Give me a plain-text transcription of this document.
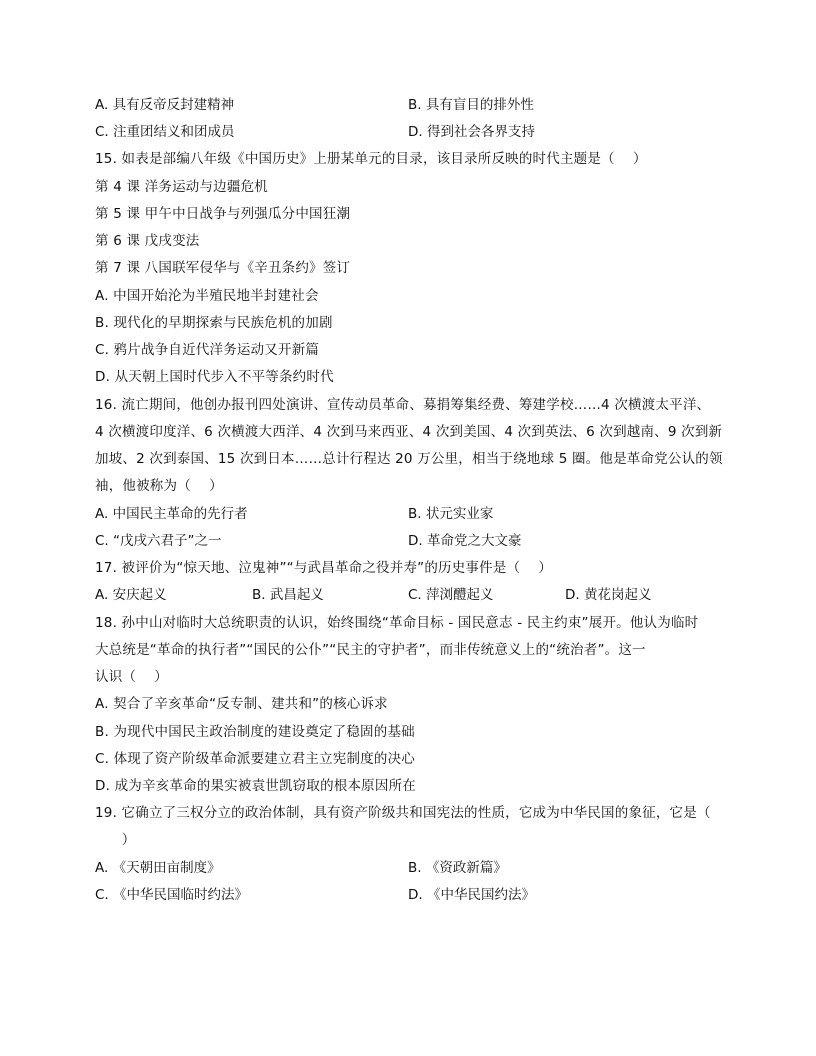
A. 具有反帝反封建精神	B. 具有盲目的排外性
C. 注重团结义和团成员	D. 得到社会各界支持
15. 如表是部编八年级《中国历史》上册某单元的目录，该目录所反映的时代主题是（　 ）
第 4 课 洋务运动与边疆危机
第 5 课 甲午中日战争与列强瓜分中国狂潮
第 6 课 戊戌变法
第 7 课 八国联军侵华与《辛丑条约》签订
A. 中国开始沦为半殖民地半封建社会
B. 现代化的早期探索与民族危机的加剧
C. 鸦片战争自近代洋务运动又开新篇
D. 从天朝上国时代步入不平等条约时代
16. 流亡期间，他创办报刊四处演讲、宣传动员革命、募捐筹集经费、筹建学校……4 次横渡太平洋、
4 次横渡印度洋、6 次横渡大西洋、4 次到马来西亚、4 次到美国、4 次到英法、6 次到越南、9 次到新
加坡、2 次到泰国、15 次到日本……总计行程达 20 万公里，相当于绕地球 5 圈。他是革命党公认的领
袖，他被称为（　 ）
A. 中国民主革命的先行者	B. 状元实业家
C. “戊戌六君子”之一	D. 革命党之大文豪
17. 被评价为“惊天地、泣鬼神”“与武昌革命之役并寿”的历史事件是（　 ）
A. 安庆起义	B. 武昌起义	C. 萍浏醴起义	D. 黄花岗起义
18. 孙中山对临时大总统职责的认识，始终围绕“革命目标 - 国民意志 - 民主约束”展开。他认为临时
大总统是“革命的执行者”“国民的公仆”“民主的守护者”，而非传统意义上的“统治者”。这一
认识（　 ）
A. 契合了辛亥革命“反专制、建共和”的核心诉求
B. 为现代中国民主政治制度的建设奠定了稳固的基础
C. 体现了资产阶级革命派要建立君主立宪制度的决心
D. 成为辛亥革命的果实被袁世凯窃取的根本原因所在
19. 它确立了三权分立的政治体制，具有资产阶级共和国宪法的性质，它成为中华民国的象征，它是（
　）
A. 《天朝田亩制度》	B. 《资政新篇》
C. 《中华民国临时约法》	D. 《中华民国约法》
